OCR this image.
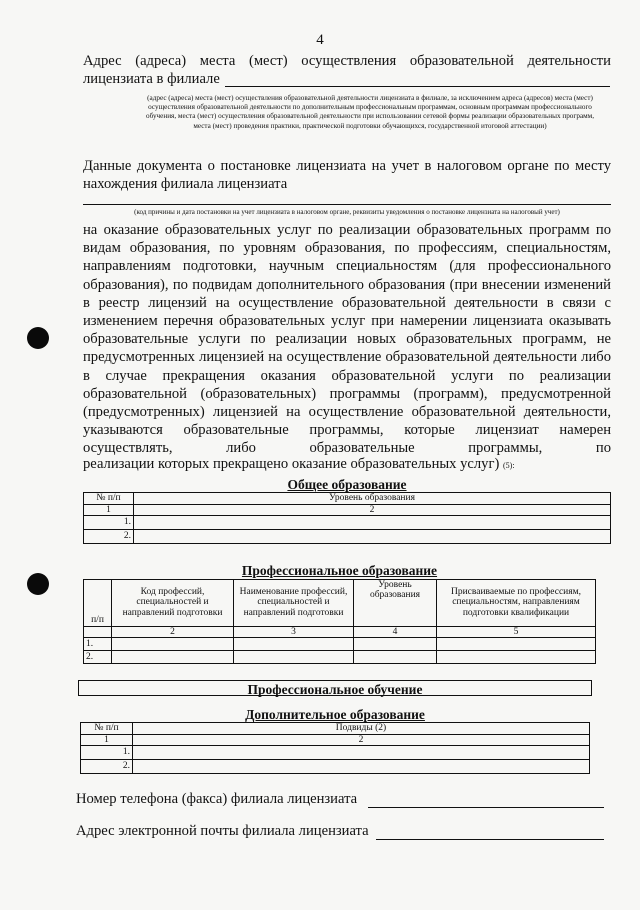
4
Адрес (адреса) места (мест) осуществления образовательной деятельности
лицензиата в филиале
(адрес (адреса) места (мест) осуществления образовательной деятельности лицензиата в филиале, за исключением адреса (адресов) места (мест) осуществления образовательной деятельности по дополнительным профессиональным программам, основным программам профессионального обучения, места (мест) осуществления образовательной деятельности при использовании сетевой формы реализации образовательных программ, места (мест) проведения практики, практической подготовки обучающихся, государственной итоговой аттестации)
Данные документа о постановке лицензиата на учет в налоговом органе по месту
нахождения филиала лицензиата
(код причины и дата постановки на учет лицензиата в налоговом органе, реквизиты уведомления о постановке лицензиата на налоговый учет)
на оказание образовательных услуг по реализации образовательных программ по видам образования, по уровням образования, по профессиям, специальностям, направлениям подготовки, научным специальностям (для профессионального образования), по подвидам дополнительного образования (при внесении изменений в реестр лицензий на осуществление образовательной деятельности в связи с изменением перечня образовательных услуг при намерении лицензиата оказывать образовательные услуги по реализации новых образовательных программ, не предусмотренных лицензией на осуществление образовательной деятельности либо в случае прекращения оказания образовательной услуги по реализации образовательной (образовательных) программы (программ), предусмотренной (предусмотренных) лицензией на осуществление образовательной деятельности, указываются образовательные программы, которые лицензиат намерен осуществлять, либо образовательные программы, по
реализации которых прекращено оказание образовательных услуг) (5):
Общее образование	
№ п/п	Уровень образования
1	2
1.	
2.	
Профессиональное образование				
п/п	Код профессий, специальностей и направлений подготовки	Наименование профессий, специальностей и направлений подготовки	Уровень образования	Присваиваемые по профессиям, специальностям, направлениям подготовки квалификации
	2	3	4	5
1.				
2.				
Профессиональное обучение
Дополнительное образование	
№ п/п	Подвиды (2)
1	2
1.	
2.	
Номер телефона (факса) филиала лицензиата
Адрес электронной почты филиала лицензиата
